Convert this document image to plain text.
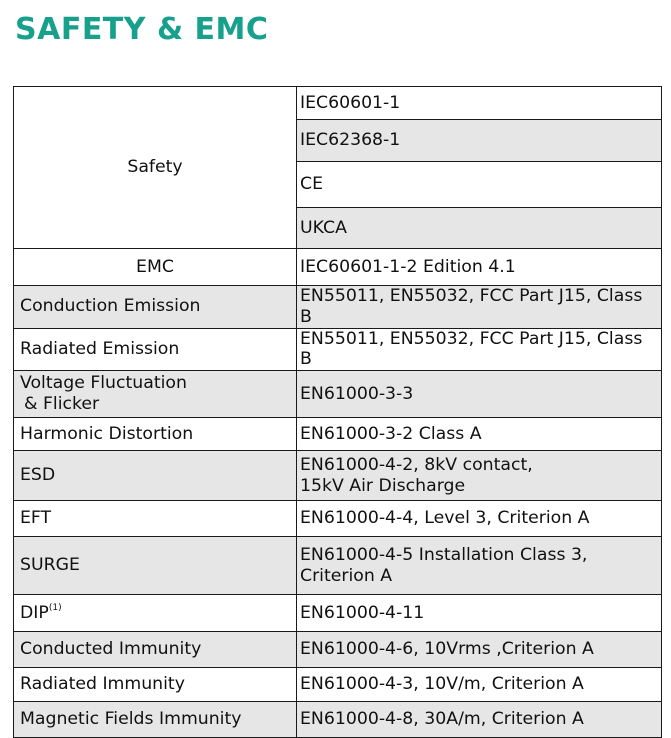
SAFETY & EMC
Safety	IEC60601-1
	IEC62368-1
	CE
	UKCA
EMC	IEC60601-1-2 Edition 4.1
Conduction Emission	EN55011, EN55032, FCC Part J15, Class B
Radiated Emission	EN55011, EN55032, FCC Part J15, Class B

Voltage Fluctuation
& Flicker	EN61000-3-3
Harmonic Distortion	EN61000-3-2 Class A
ESD	EN61000-4-2, 8kV contact,
15kV Air Discharge

EFT	EN61000-4-4, Level 3, Criterion A
SURGE	EN61000-4-5 Installation Class 3,
Criterion A

DIP$^{(1)}$	EN61000-4-11
Conducted Immunity	EN61000-4-6, 10Vrms ,Criterion A
Radiated Immunity	EN61000-4-3, 10V/m, Criterion A
Magnetic Fields Immunity	EN61000-4-8, 30A/m, Criterion A
